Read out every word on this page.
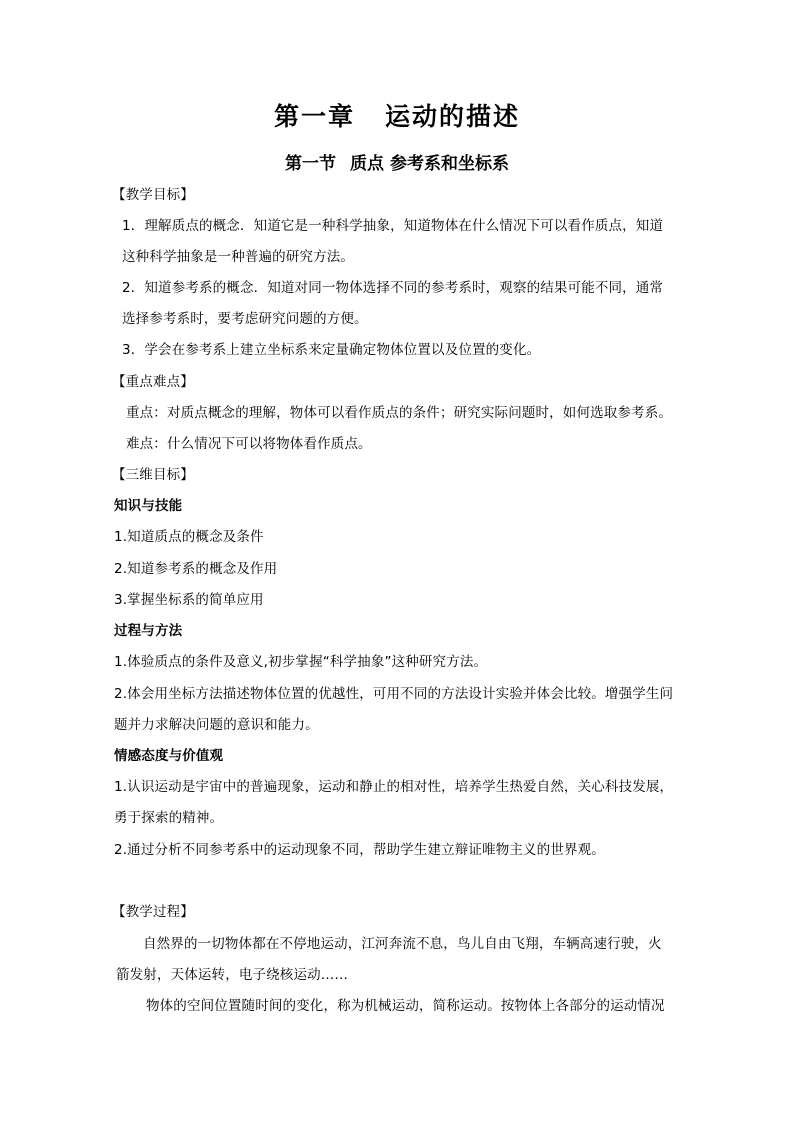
第一章 运动的描述
第一节 质点 参考系和坐标系
【教学目标】
1．理解质点的概念．知道它是一种科学抽象，知道物体在什么情况下可以看作质点，知道
这种科学抽象是一种普遍的研究方法。
2．知道参考系的概念．知道对同一物体选择不同的参考系时，观察的结果可能不同，通常
选择参考系时，要考虑研究问题的方便。
3．学会在参考系上建立坐标系来定量确定物体位置以及位置的变化。
【重点难点】
重点：对质点概念的理解，物体可以看作质点的条件；研究实际问题时，如何选取参考系。
难点：什么情况下可以将物体看作质点。
【三维目标】
知识与技能
1.知道质点的概念及条件
2.知道参考系的概念及作用
3.掌握坐标系的简单应用
过程与方法
1.体验质点的条件及意义,初步掌握“科学抽象”这种研究方法。
2.体会用坐标方法描述物体位置的优越性，可用不同的方法设计实验并体会比较。增强学生问
题并力求解决问题的意识和能力。
情感态度与价值观
1.认识运动是宇宙中的普遍现象，运动和静止的相对性，培养学生热爱自然，关心科技发展，
勇于探索的精神。
2.通过分析不同参考系中的运动现象不同，帮助学生建立辩证唯物主义的世界观。
【教学过程】
自然界的一切物体都在不停地运动，江河奔流不息，鸟儿自由飞翔，车辆高速行驶，火
箭发射，天体运转，电子绕核运动……
物体的空间位置随时间的变化，称为机械运动，简称运动。按物体上各部分的运动情况
